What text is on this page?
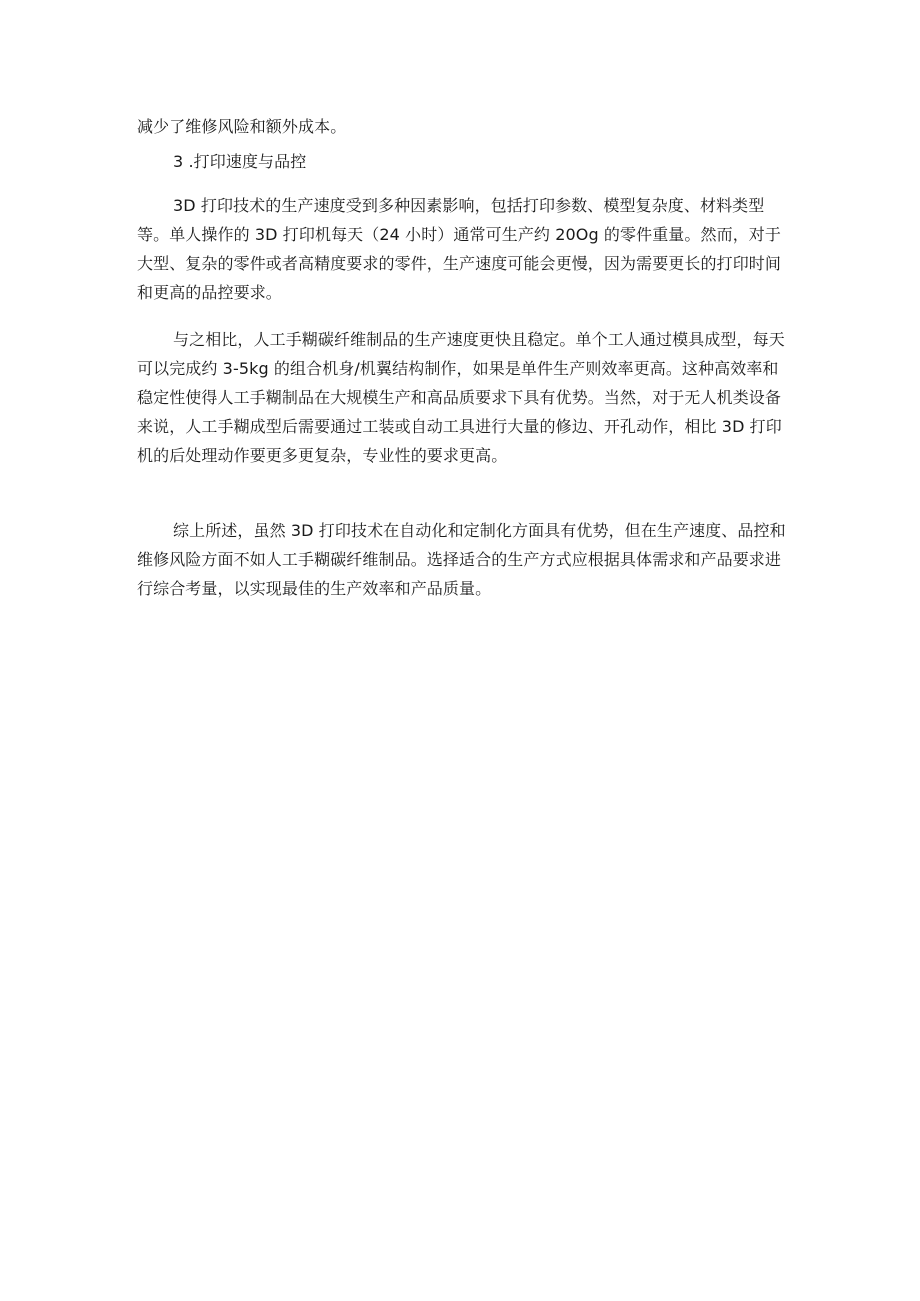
减少了维修风险和额外成本。

3 .打印速度与品控

3D 打印技术的生产速度受到多种因素影响，包括打印参数、模型复杂度、材料类型等。单人操作的 3D 打印机每天（24 小时）通常可生产约 20Og 的零件重量。然而，对于大型、复杂的零件或者高精度要求的零件，生产速度可能会更慢，因为需要更长的打印时间和更高的品控要求。

与之相比，人工手糊碳纤维制品的生产速度更快且稳定。单个工人通过模具成型，每天可以完成约 3-5kg 的组合机身/机翼结构制作，如果是单件生产则效率更高。这种高效率和稳定性使得人工手糊制品在大规模生产和高品质要求下具有优势。当然，对于无人机类设备来说，人工手糊成型后需要通过工装或自动工具进行大量的修边、开孔动作，相比 3D 打印机的后处理动作要更多更复杂，专业性的要求更高。

综上所述，虽然 3D 打印技术在自动化和定制化方面具有优势，但在生产速度、品控和维修风险方面不如人工手糊碳纤维制品。选择适合的生产方式应根据具体需求和产品要求进行综合考量，以实现最佳的生产效率和产品质量。
